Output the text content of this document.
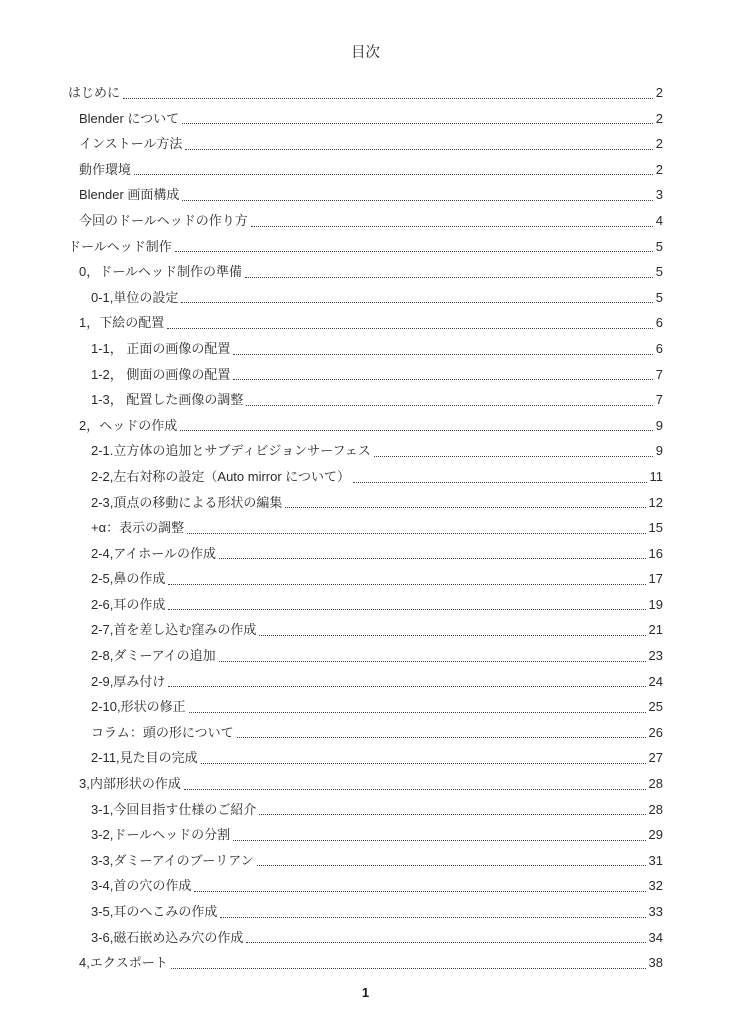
目次
はじめに	2
Blender について	2
インストール方法	2
動作環境	2
Blender 画面構成	3
今回のドールヘッドの作り方	4
ドールヘッド制作	5
0，ドールヘッド制作の準備	5
0-1,単位の設定	5
1，下絵の配置	6
1-1， 正面の画像の配置	6
1-2， 側面の画像の配置	7
1-3， 配置した画像の調整	7
2，ヘッドの作成	9
2-1.立方体の追加とサブディビジョンサーフェス	9
2-2,左右対称の設定（Auto mirror について）	11
2-3,頂点の移動による形状の編集	12
+α：表示の調整	15
2-4,アイホールの作成	16
2-5,鼻の作成	17
2-6,耳の作成	19
2-7,首を差し込む窪みの作成	21
2-8,ダミーアイの追加	23
2-9,厚み付け	24
2-10,形状の修正	25
コラム：頭の形について	26
2-11,見た目の完成	27
3,内部形状の作成	28
3-1,今回目指す仕様のご紹介	28
3-2,ドールヘッドの分割	29
3-3,ダミーアイのブーリアン	31
3-4,首の穴の作成	32
3-5,耳のへこみの作成	33
3-6,磁石嵌め込み穴の作成	34
4,エクスポート	38
1
